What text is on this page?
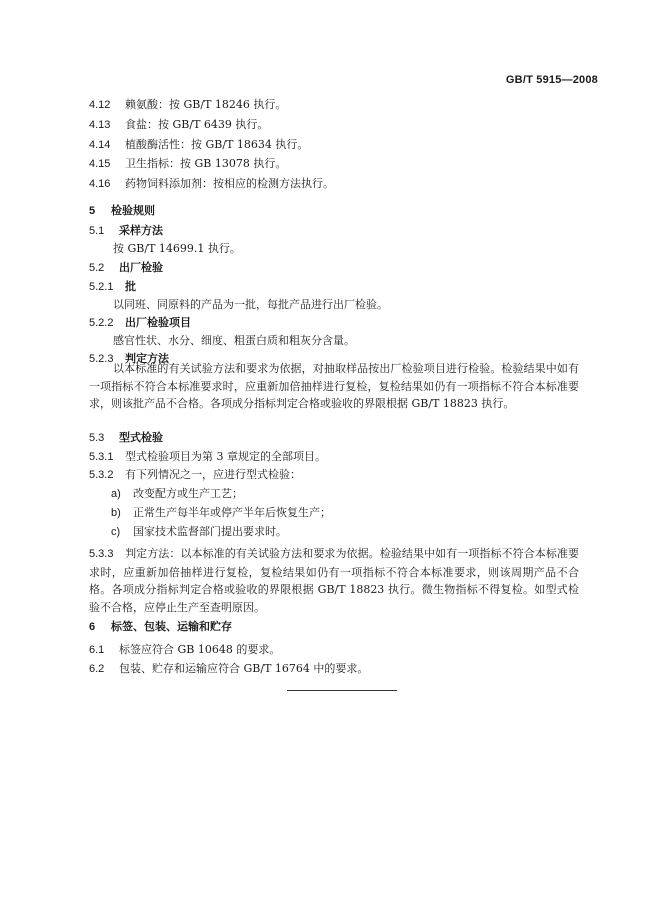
GB/T 5915—2008
4.12 赖氨酸：按 GB/T 18246 执行。
4.13 食盐：按 GB/T 6439 执行。
4.14 植酸酶活性：按 GB/T 18634 执行。
4.15 卫生指标：按 GB 13078 执行。
4.16 药物饲料添加剂：按相应的检测方法执行。
5 检验规则
5.1 采样方法
按 GB/T 14699.1 执行。
5.2 出厂检验
5.2.1 批
以同班、同原料的产品为一批，每批产品进行出厂检验。
5.2.2 出厂检验项目
感官性状、水分、细度、粗蛋白质和粗灰分含量。
5.2.3 判定方法
以本标准的有关试验方法和要求为依据，对抽取样品按出厂检验项目进行检验。检验结果中如有一项指标不符合本标准要求时，应重新加倍抽样进行复检，复检结果如仍有一项指标不符合本标准要求，则该批产品不合格。各项成分指标判定合格或验收的界限根据 GB/T 18823 执行。
5.3 型式检验
5.3.1 型式检验项目为第 3 章规定的全部项目。
5.3.2 有下列情况之一，应进行型式检验：
a) 改变配方或生产工艺；
b) 正常生产每半年或停产半年后恢复生产；
c) 国家技术监督部门提出要求时。
5.3.3 判定方法：以本标准的有关试验方法和要求为依据。检验结果中如有一项指标不符合本标准要求时，应重新加倍抽样进行复检，复检结果如仍有一项指标不符合本标准要求，则该周期产品不合格。各项成分指标判定合格或验收的界限根据 GB/T 18823 执行。微生物指标不得复检。如型式检验不合格，应停止生产至查明原因。
6 标签、包装、运输和贮存
6.1 标签应符合 GB 10648 的要求。
6.2 包装、贮存和运输应符合 GB/T 16764 中的要求。
